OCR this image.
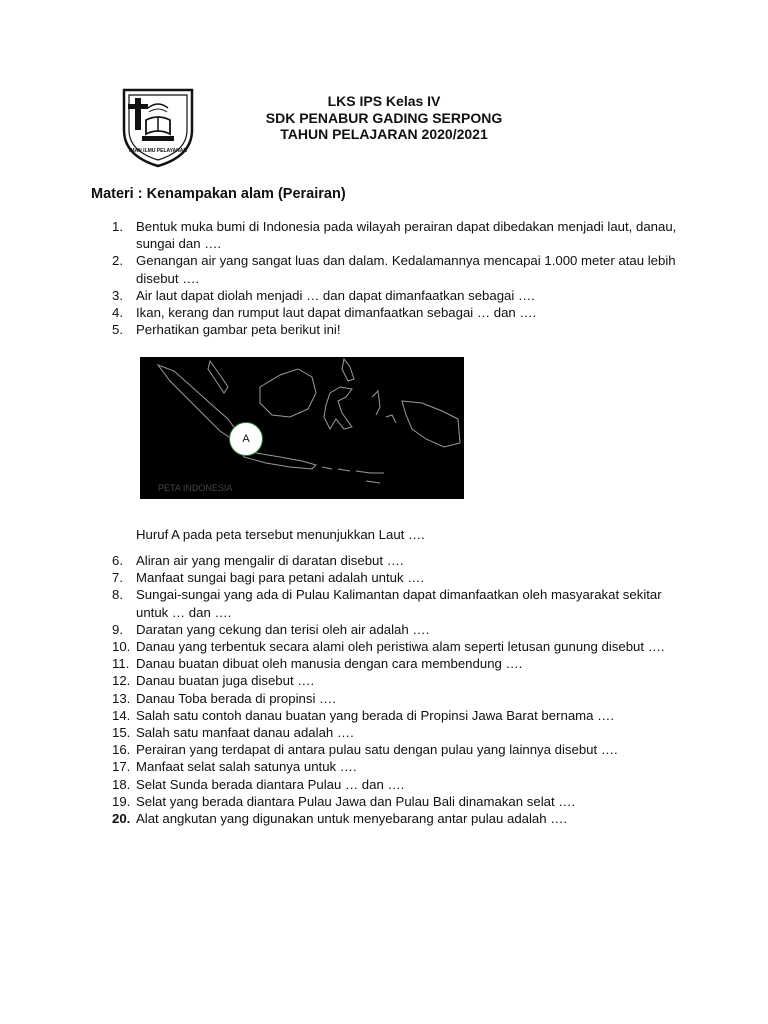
IMAN ILMU PELAYANAN
LKS IPS Kelas IV
SDK PENABUR GADING SERPONG
TAHUN PELAJARAN 2020/2021
Materi : Kenampakan alam (Perairan)
1. Bentuk muka bumi di Indonesia pada wilayah perairan dapat dibedakan menjadi laut, danau, sungai dan ….
2. Genangan air yang sangat luas dan dalam. Kedalamannya mencapai 1.000 meter atau lebih disebut ….
3. Air laut dapat diolah menjadi … dan dapat dimanfaatkan sebagai ….
4. Ikan, kerang dan rumput laut dapat dimanfaatkan sebagai … dan ….
5. Perhatikan gambar peta berikut ini!
PETA INDONESIA
A
Huruf A pada peta tersebut menunjukkan Laut ….
6. Aliran air yang mengalir di daratan disebut ….
7. Manfaat sungai bagi para petani adalah untuk ….
8. Sungai-sungai yang ada di Pulau Kalimantan dapat dimanfaatkan oleh masyarakat sekitar untuk … dan ….
9. Daratan yang cekung dan terisi oleh air adalah ….
10. Danau yang terbentuk secara alami oleh peristiwa alam seperti letusan gunung disebut ….
11. Danau buatan dibuat oleh manusia dengan cara membendung ….
12. Danau buatan juga disebut ….
13. Danau Toba berada di propinsi ….
14. Salah satu contoh danau buatan yang berada di Propinsi Jawa Barat bernama ….
15. Salah satu manfaat danau adalah ….
16. Perairan yang terdapat di antara pulau satu dengan pulau yang lainnya disebut ….
17. Manfaat selat salah satunya untuk ….
18. Selat Sunda berada diantara Pulau … dan ….
19. Selat yang berada diantara Pulau Jawa dan Pulau Bali dinamakan selat ….
20. Alat angkutan yang digunakan untuk menyebarang antar pulau adalah ….
